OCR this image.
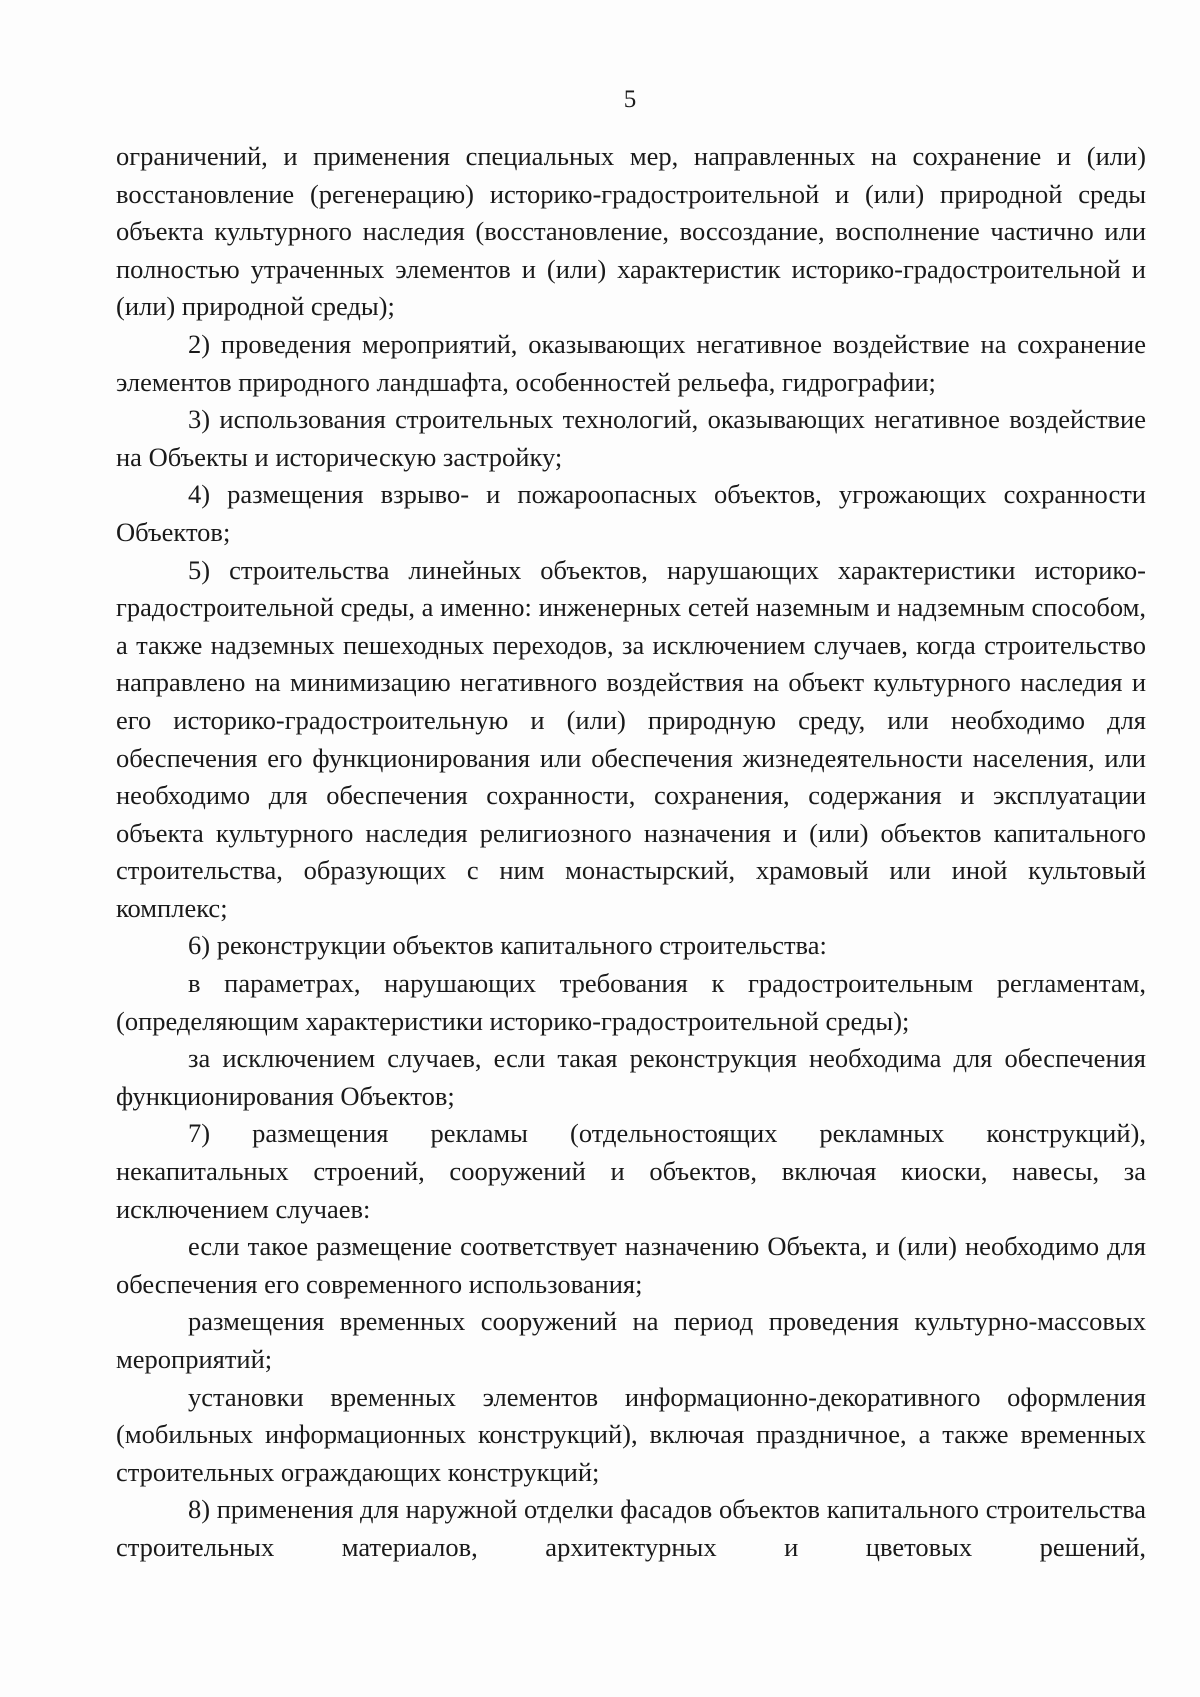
5

ограничений, и применения специальных мер, направленных на сохранение и (или) восстановление (регенерацию) историко-градостроительной и (или) природной среды объекта культурного наследия (восстановление, воссоздание, восполнение частично или полностью утраченных элементов и (или) характеристик историко-градостроительной и (или) природной среды);

2) проведения мероприятий, оказывающих негативное воздействие на сохранение элементов природного ландшафта, особенностей рельефа, гидрографии;

3) использования строительных технологий, оказывающих негативное воздействие на Объекты и историческую застройку;

4) размещения взрыво- и пожароопасных объектов, угрожающих сохранности Объектов;

5) строительства линейных объектов, нарушающих характеристики историко-градостроительной среды, а именно: инженерных сетей наземным и надземным способом, а также надземных пешеходных переходов, за исключением случаев, когда строительство направлено на минимизацию негативного воздействия на объект культурного наследия и его историко-градостроительную и (или) природную среду, или необходимо для обеспечения его функционирования или обеспечения жизнедеятельности населения, или необходимо для обеспечения сохранности, сохранения, содержания и эксплуатации объекта культурного наследия религиозного назначения и (или) объектов капитального строительства, образующих с ним монастырский, храмовый или иной культовый комплекс;

6) реконструкции объектов капитального строительства:

в параметрах, нарушающих требования к градостроительным регламентам, (определяющим характеристики историко-градостроительной среды);

за исключением случаев, если такая реконструкция необходима для обеспечения функционирования Объектов;

7) размещения рекламы (отдельностоящих рекламных конструкций), некапитальных строений, сооружений и объектов, включая киоски, навесы, за исключением случаев:

если такое размещение соответствует назначению Объекта, и (или) необходимо для обеспечения его современного использования;

размещения временных сооружений на период проведения культурно-массовых мероприятий;

установки временных элементов информационно-декоративного оформления (мобильных информационных конструкций), включая праздничное, а также временных строительных ограждающих конструкций;

8) применения для наружной отделки фасадов объектов капитального строительства строительных материалов, архитектурных и цветовых решений,
